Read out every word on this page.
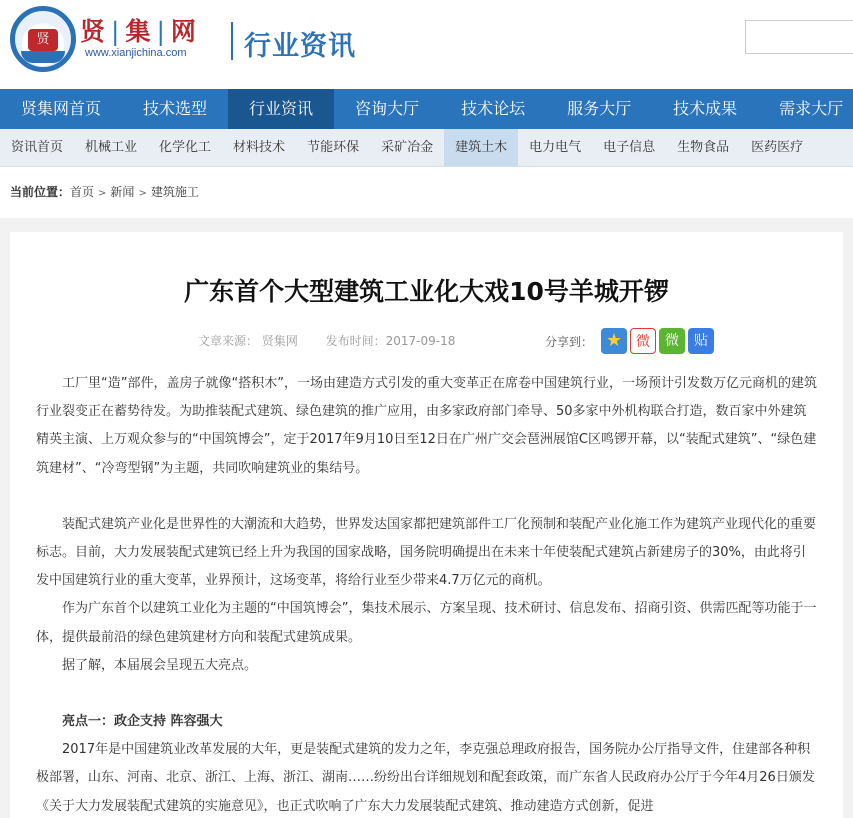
贤	贤 | 集 | 网
www.xianjichina.com 行业资讯
贤集网首页	技术选型	行业资讯	咨询大厅	技术论坛	服务大厅	技术成果	需求大厅
资讯首页	机械工业	化学化工	材料技术	节能环保	采矿冶金	建筑土木	电力电气	电子信息	生物食品	医药医疗
当前位置：首页 > 新闻 > 建筑施工
广东首个大型建筑工业化大戏10号羊城开锣
文章来源： 贤集网 发布时间：2017-09-18	分享到： ★ 微	微	贴

工厂里“造”部件，盖房子就像“搭积木”，一场由建造方式引发的重大变革正在席卷中国建筑行业，一场预计引发数万亿元商机的建筑行业裂变正在蓄势待发。为助推装配式建筑、绿色建筑的推广应用，由多家政府部门牵导、50多家中外机构联合打造，数百家中外建筑精英主演、上万观众参与的“中国筑博会”，定于2017年9月10日至12日在广州广交会琶洲展馆C区鸣锣开幕，以“装配式建筑”、“绿色建筑建材”、“冷弯型钢”为主题，共同吹响建筑业的集结号。

装配式建筑产业化是世界性的大潮流和大趋势，世界发达国家都把建筑部件工厂化预制和装配产业化施工作为建筑产业现代化的重要标志。目前，大力发展装配式建筑已经上升为我国的国家战略，国务院明确提出在未来十年使装配式建筑占新建房子的30%，由此将引发中国建筑行业的重大变革，业界预计，这场变革，将给行业至少带来4.7万亿元的商机。

作为广东首个以建筑工业化为主题的“中国筑博会”，集技术展示、方案呈现、技术研讨、信息发布、招商引资、供需匹配等功能于一体，提供最前沿的绿色建筑建材方向和装配式建筑成果。

据了解，本届展会呈现五大亮点。

亮点一：政企支持 阵容强大

2017年是中国建筑业改革发展的大年，更是装配式建筑的发力之年，李克强总理政府报告，国务院办公厅指导文件，住建部各种积极部署，山东、河南、北京、浙江、上海、浙江、湖南……纷纷出台详细规划和配套政策，而广东省人民政府办公厅于今年4月26日颁发《关于大力发展装配式建筑的实施意见》，也正式吹响了广东大力发展装配式建筑、推动建造方式创新，促进
